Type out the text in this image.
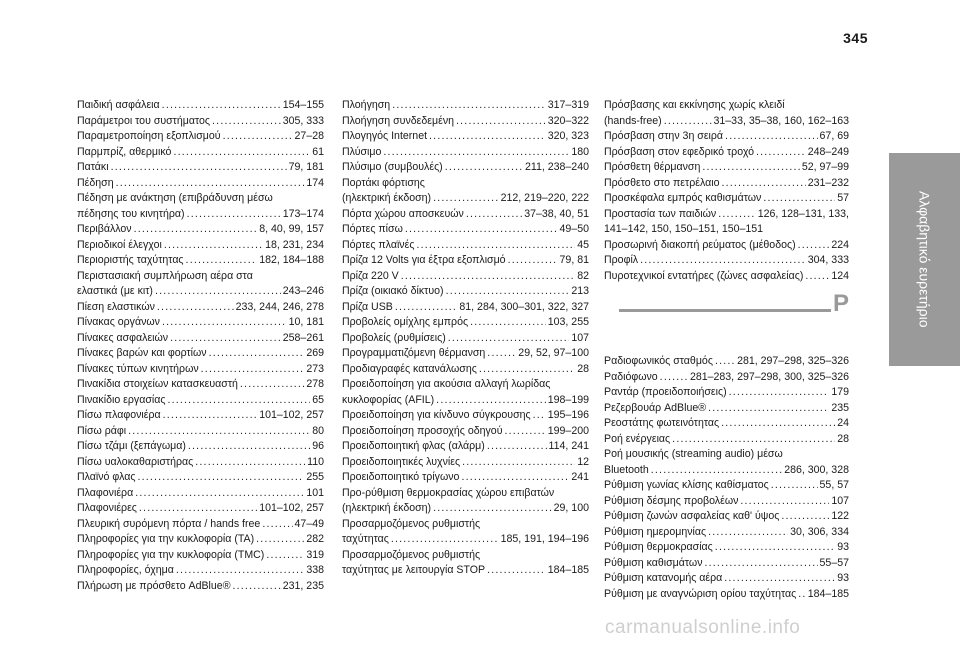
345
Αλφαβητικό ευρετήριο
Παιδική ασφάλεια .....	154–155
Παράμετροι του συστήματος .....	305, 333
Παραμετροποίηση εξοπλισμού .....	27–28
Παρμπρίζ, αθερμικό .....	61
Πατάκι .....	79, 181
Πέδηση .....	174
Πέδηση με ανάκτηση (επιβράδυνση μέσω
πέδησης του κινητήρα) .....	173–174
Περιβάλλον .....	8, 40, 99, 157
Περιοδικοί έλεγχοι .....	18, 231, 234
Περιοριστής ταχύτητας .....	182, 184–188
Περιστασιακή συμπλήρωση αέρα στα
ελαστικά (με κιτ) .....	243–246
Πίεση ελαστικών .....	233, 244, 246, 278
Πίνακας οργάνων .....	10, 181
Πίνακες ασφαλειών .....	258–261
Πίνακες βαρών και φορτίων .....	269
Πίνακες τύπων κινητήρων .....	273
Πινακίδια στοιχείων κατασκευαστή .....	278
Πινακίδιο εργασίας .....	65
Πίσω πλαφονιέρα .....	101–102, 257
Πίσω ράφι .....	80
Πίσω τζάμι (ξεπάγωμα) .....	96
Πίσω υαλοκαθαριστήρας .....	110
Πλαϊνό φλας .....	255
Πλαφονιέρα .....	101
Πλαφονιέρες .....	101–102, 257
Πλευρική συρόμενη πόρτα / hands free .....	47–49
Πληροφορίες για την κυκλοφορία (TA) .....	282
Πληροφορίες για την κυκλοφορία (TMC) .....	319
Πληροφορίες, όχημα .....	338
Πλήρωση με πρόσθετο AdBlue® .....	231, 235
Πλοήγηση .....	317–319
Πλοήγηση συνδεδεμένη .....	320–322
Πλογηγός Internet .....	320, 323
Πλύσιμο .....	180
Πλύσιμο (συμβουλές) .....	211, 238–240
Πορτάκι φόρτισης
(ηλεκτρική έκδοση) .....	212, 219–220, 222
Πόρτα χώρου αποσκευών .....	37–38, 40, 51
Πόρτες πίσω .....	49–50
Πόρτες πλαϊνές .....	45
Πρίζα 12 Volts για έξτρα εξοπλισμό .....	79, 81
Πρίζα 220 V .....	82
Πρίζα (οικιακό δίκτυο) .....	213
Πρίζα USB .....	81, 284, 300–301, 322, 327
Προβολείς ομίχλης εμπρός .....	103, 255
Προβολείς (ρυθμίσεις) .....	107
Προγραμματιζόμενη θέρμανση .....	29, 52, 97–100
Προδιαγραφές κατανάλωσης .....	28
Προειδοποίηση για ακούσια αλλαγή λωρίδας
κυκλοφορίας (AFIL) .....	198–199
Προειδοποίηση για κίνδυνο σύγκρουσης ..... 195–196
Προειδοποίηση προσοχής οδηγού .....	199–200
Προειδοποιητική φλας (αλάρμ) .....	114, 241
Προειδοποιητικές λυχνίες .....	12
Προειδοποιητικό τρίγωνο .....	241
Προ-ρύθμιση θερμοκρασίας χώρου επιβατών
(ηλεκτρική έκδοση) .....	29, 100
Προσαρμοζόμενος ρυθμιστής
ταχύτητας .....	185, 191, 194–196
Προσαρμοζόμενος ρυθμιστής
ταχύτητας με λειτουργία STOP .....	184–185
Πρόσβασης και εκκίνησης χωρίς κλειδί
(hands-free) .....	31–33, 35–38, 160, 162–163
Πρόσβαση στην 3η σειρά .....	67, 69
Πρόσβαση στον εφεδρικό τροχό .....	248–249
Πρόσθετη θέρμανση .....	52, 97–99
Πρόσθετο στο πετρέλαιο .....	231–232
Προσκέφαλα εμπρός καθισμάτων .....	57
Προστασία των παιδιών .....	126, 128–131, 133,
141–142, 150, 150–151, 150–151
Προσωρινή διακοπή ρεύματος (μέθοδος) .....	224
Προφίλ .....	304, 333
Πυροτεχνικοί εντατήρες (ζώνες ασφαλείας) .....	124
P
Ραδιοφωνικός σταθμός ..... 281, 297–298, 325–326
Ραδιόφωνο .....	281–283, 297–298, 300, 325–326
Ραντάρ (προειδοποιήσεις) .....	179
Ρεζερβουάρ AdBlue® .....	235
Ρεοστάτης φωτεινότητας .....	24
Ροή ενέργειας .....	28
Ροή μουσικής (streaming audio) μέσω
Bluetooth .....	286, 300, 328
Ρύθμιση γωνίας κλίσης καθίσματος .....	55, 57
Ρύθμιση δέσμης προβολέων .....	107
Ρύθμιση ζωνών ασφαλείας καθ' ύψος .....	122
Ρύθμιση ημερομηνίας .....	30, 306, 334
Ρύθμιση θερμοκρασίας .....	93
Ρύθμιση καθισμάτων .....	55–57
Ρύθμιση κατανομής αέρα .....	93
Ρύθμιση με αναγνώριση ορίου ταχύτητας ..... 184–185
carmanualsonline.info
